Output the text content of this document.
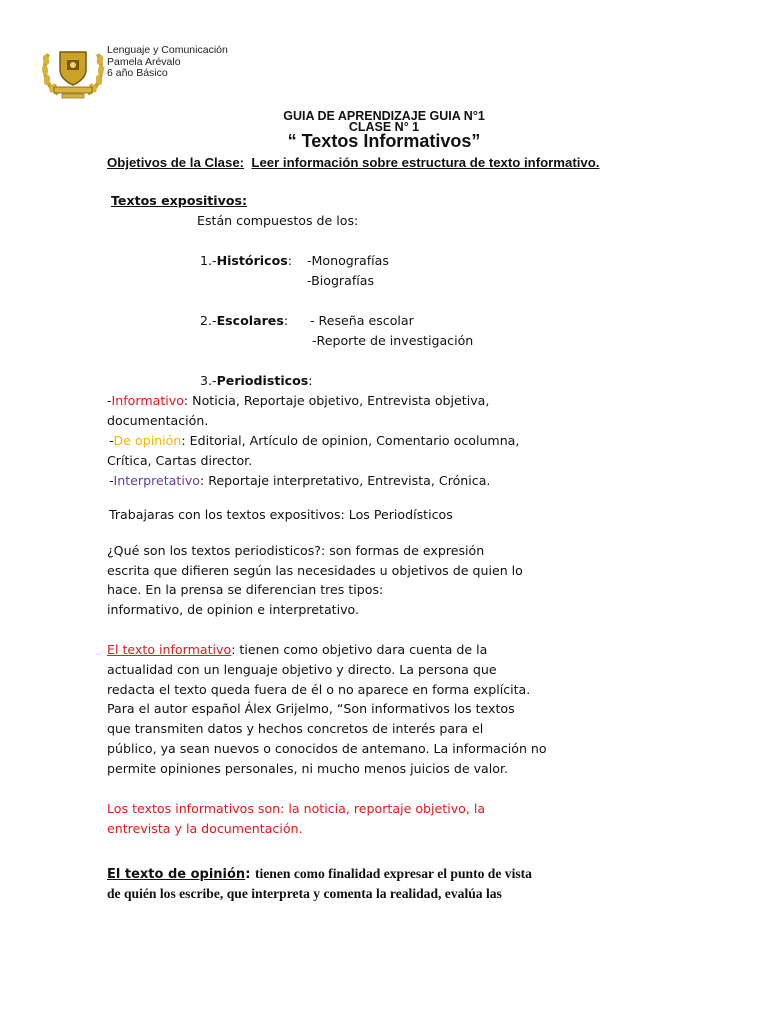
Lenguaje y Comunicación
Pamela Arévalo
6 año Básico
GUIA DE APRENDIZAJE GUIA N°1
CLASE N° 1
“ Textos Informativos”
Objetivos de la Clase: Leer información sobre estructura de texto informativo.
Textos expositivos:
Están compuestos de los:
1.-Históricos: -Monografías
-Biografías
2.-Escolares: - Reseña escolar
-Reporte de investigación
3.-Periodisticos:
-Informativo: Noticia, Reportaje objetivo, Entrevista objetiva,
documentación.
-De opinión: Editorial, Artículo de opinion, Comentario ocolumna,
Crítica, Cartas director.
-Interpretativo: Reportaje interpretativo, Entrevista, Crónica.
Trabajaras con los textos expositivos: Los Periodísticos
¿Qué son los textos periodisticos?: son formas de expresión
escrita que difieren según las necesidades u objetivos de quien lo
hace. En la prensa se diferencian tres tipos:
informativo, de opinion e interpretativo.
El texto informativo: tienen como objetivo dara cuenta de la
actualidad con un lenguaje objetivo y directo. La persona que
redacta el texto queda fuera de él o no aparece en forma explícita.
Para el autor español Álex Grijelmo, “Son informativos los textos
que transmiten datos y hechos concretos de interés para el
público, ya sean nuevos o conocidos de antemano. La información no
permite opiniones personales, ni mucho menos juicios de valor.
Los textos informativos son: la noticia, reportaje objetivo, la
entrevista y la documentación.
El texto de opinión: tienen como finalidad expresar el punto de vista
de quién los escribe, que interpreta y comenta la realidad, evalúa las
